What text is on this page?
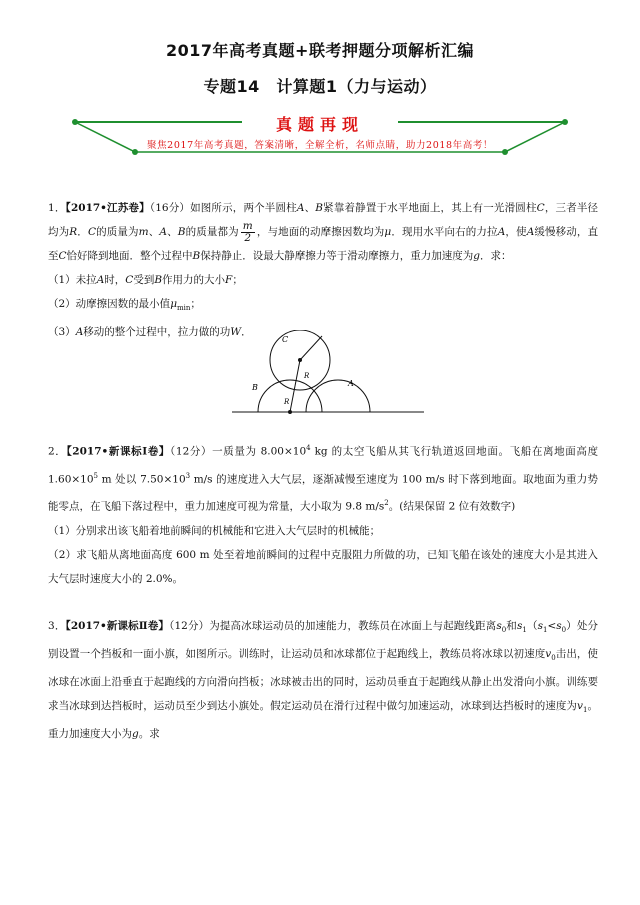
2017年高考真题+联考押题分项解析汇编
专题14　计算题1（力与运动）
真题再现
聚焦2017年高考真题，答案清晰，全解全析，名师点睛，助力2018年高考！

1．【2017•江苏卷】（16分）如图所示，两个半圆柱A、B紧靠着静置于水平地面上，其上有一光滑圆柱C，三者半径均为R．C的质量为m、A、B的质量都为 $\frac{m}{2}$ ，与地面的动摩擦因数均为μ．现用水平向右的力拉A，使A缓慢移动，直至C恰好降到地面．整个过程中B保持静止．设最大静摩擦力等于滑动摩擦力，重力加速度为g．求：

（1）未拉A时，C受到B作用力的大小F；

（2）动摩擦因数的最小值$\mu_{min}$；

（3）A移动的整个过程中，拉力做的功W．

C
B	A
R
R

2．【2017•新课标Ⅰ卷】（12分）一质量为 $8.00\times 10^4$ kg 的太空飞船从其飞行轨道返回地面。飞船在离地面高度 $1.60\times 10^5$ m 处以 $7.50\times 10^3$ m/s 的速度进入大气层，逐渐减慢至速度为 100 m/s 时下落到地面。取地面为重力势能零点，在飞船下落过程中，重力加速度可视为常量，大小取为 9.8 $m/s^2$。(结果保留 2 位有效数字)

（1）分别求出该飞船着地前瞬间的机械能和它进入大气层时的机械能；

（2）求飞船从离地面高度 600 m 处至着地前瞬间的过程中克服阻力所做的功，已知飞船在该处的速度大小是其进入大气层时速度大小的 2.0%。

3．【2017•新课标Ⅱ卷】（12分）为提高冰球运动员的加速能力，教练员在冰面上与起跑线距离$s_0$和$s_1(s_1<s_0)$处分别设置一个挡板和一面小旗，如图所示。训练时，让运动员和冰球都位于起跑线上，教练员将冰球以初速度$v_0$击出，使冰球在冰面上沿垂直于起跑线的方向滑向挡板；冰球被击出的同时，运动员垂直于起跑线从静止出发滑向小旗。训练要求当冰球到达挡板时，运动员至少到达小旗处。假定运动员在滑行过程中做匀加速运动，冰球到达挡板时的速度为$v_1$。重力加速度大小为g。求
